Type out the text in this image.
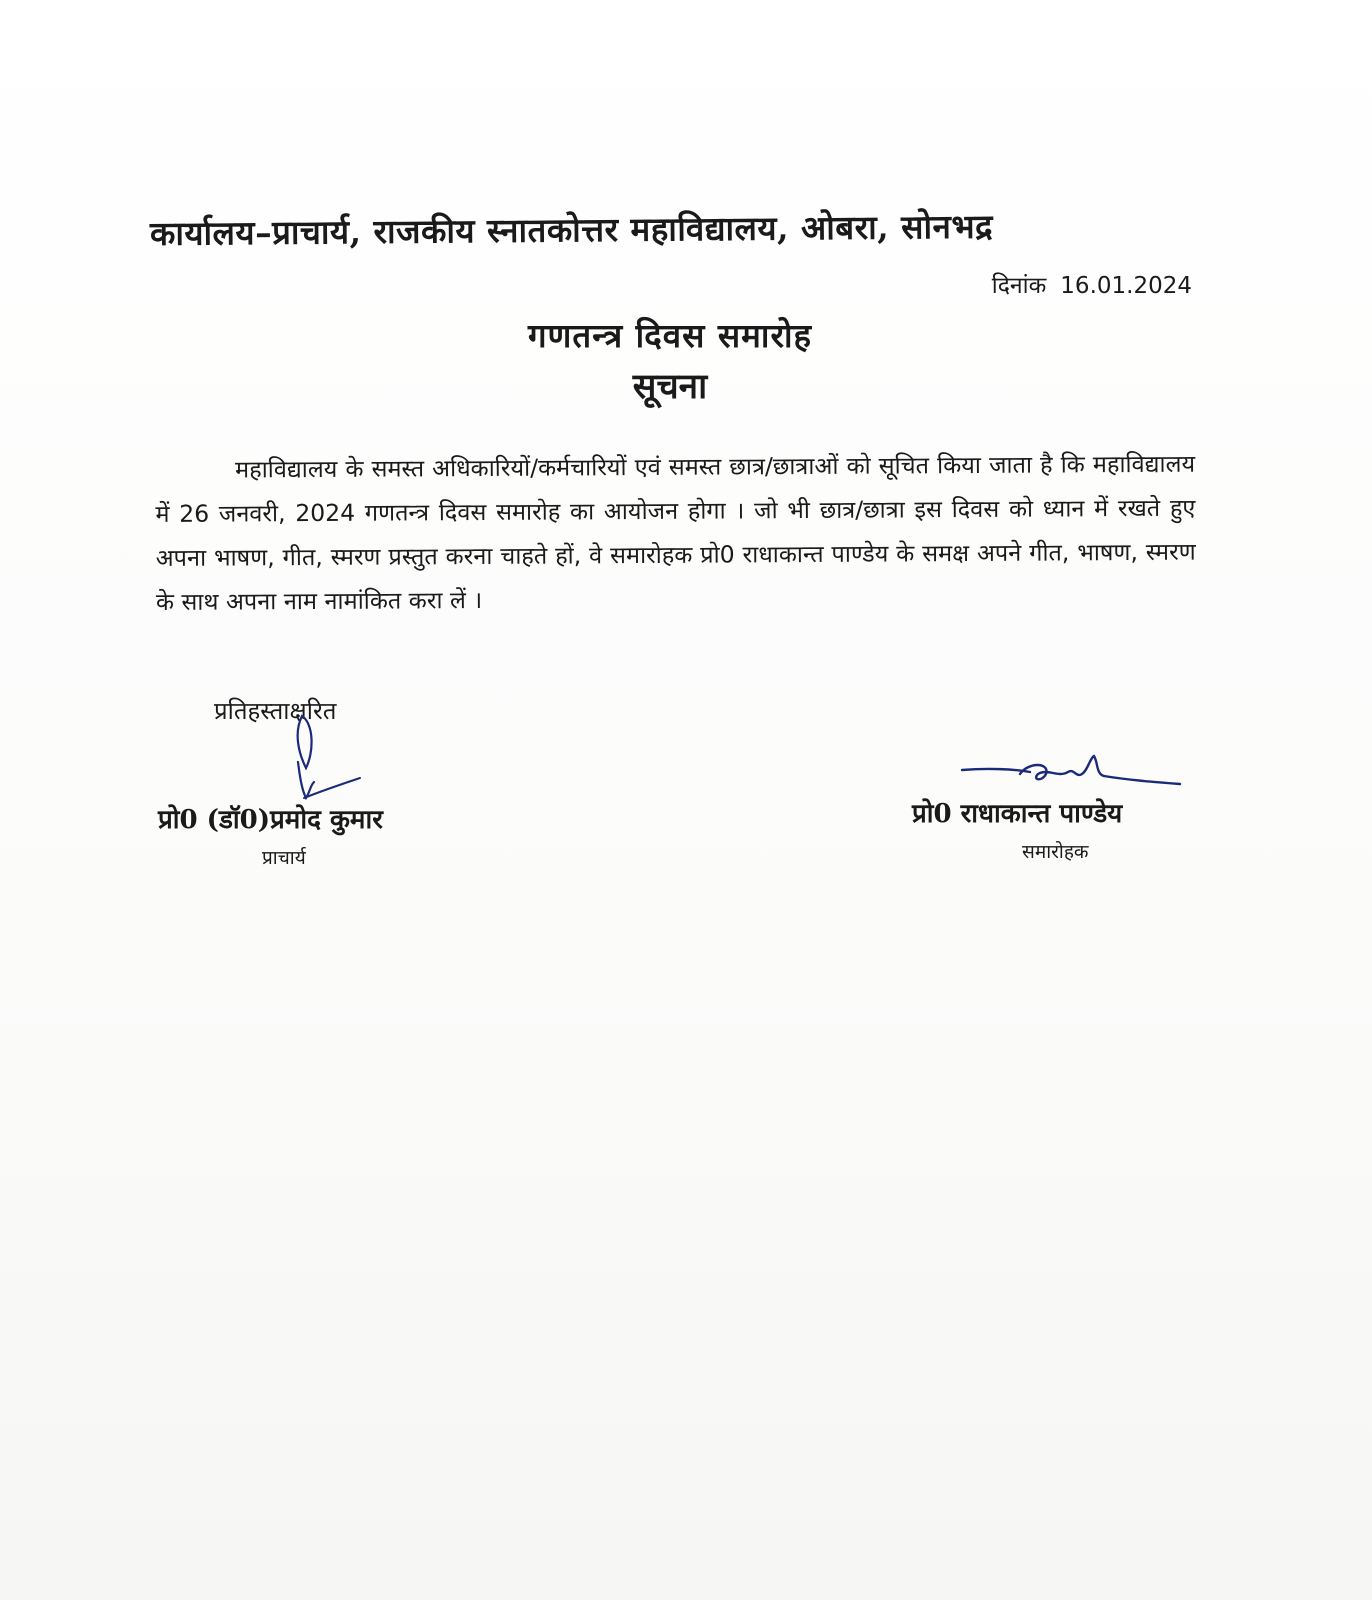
कार्यालय–प्राचार्य, राजकीय स्नातकोत्तर महाविद्यालय, ओबरा, सोनभद्र
दिनांक 16.01.2024
गणतन्त्र दिवस समारोह
सूचना
महाविद्यालय के समस्त अधिकारियों/कर्मचारियों एवं समस्त छात्र/छात्राओं को सूचित किया जाता है कि महाविद्यालय में 26 जनवरी, 2024 गणतन्त्र दिवस समारोह का आयोजन होगा । जो भी छात्र/छात्रा इस दिवस को ध्यान में रखते हुए अपना भाषण, गीत, स्मरण प्रस्तुत करना चाहते हों, वे समारोहक प्रो0 राधाकान्त पाण्डेय के समक्ष अपने गीत, भाषण, स्मरण के साथ अपना नाम नामांकित करा लें ।
प्रतिहस्ताक्षरित
प्रो0 (डॉ0)प्रमोद कुमार
प्राचार्य
प्रो0 राधाकान्त पाण्डेय
समारोहक
